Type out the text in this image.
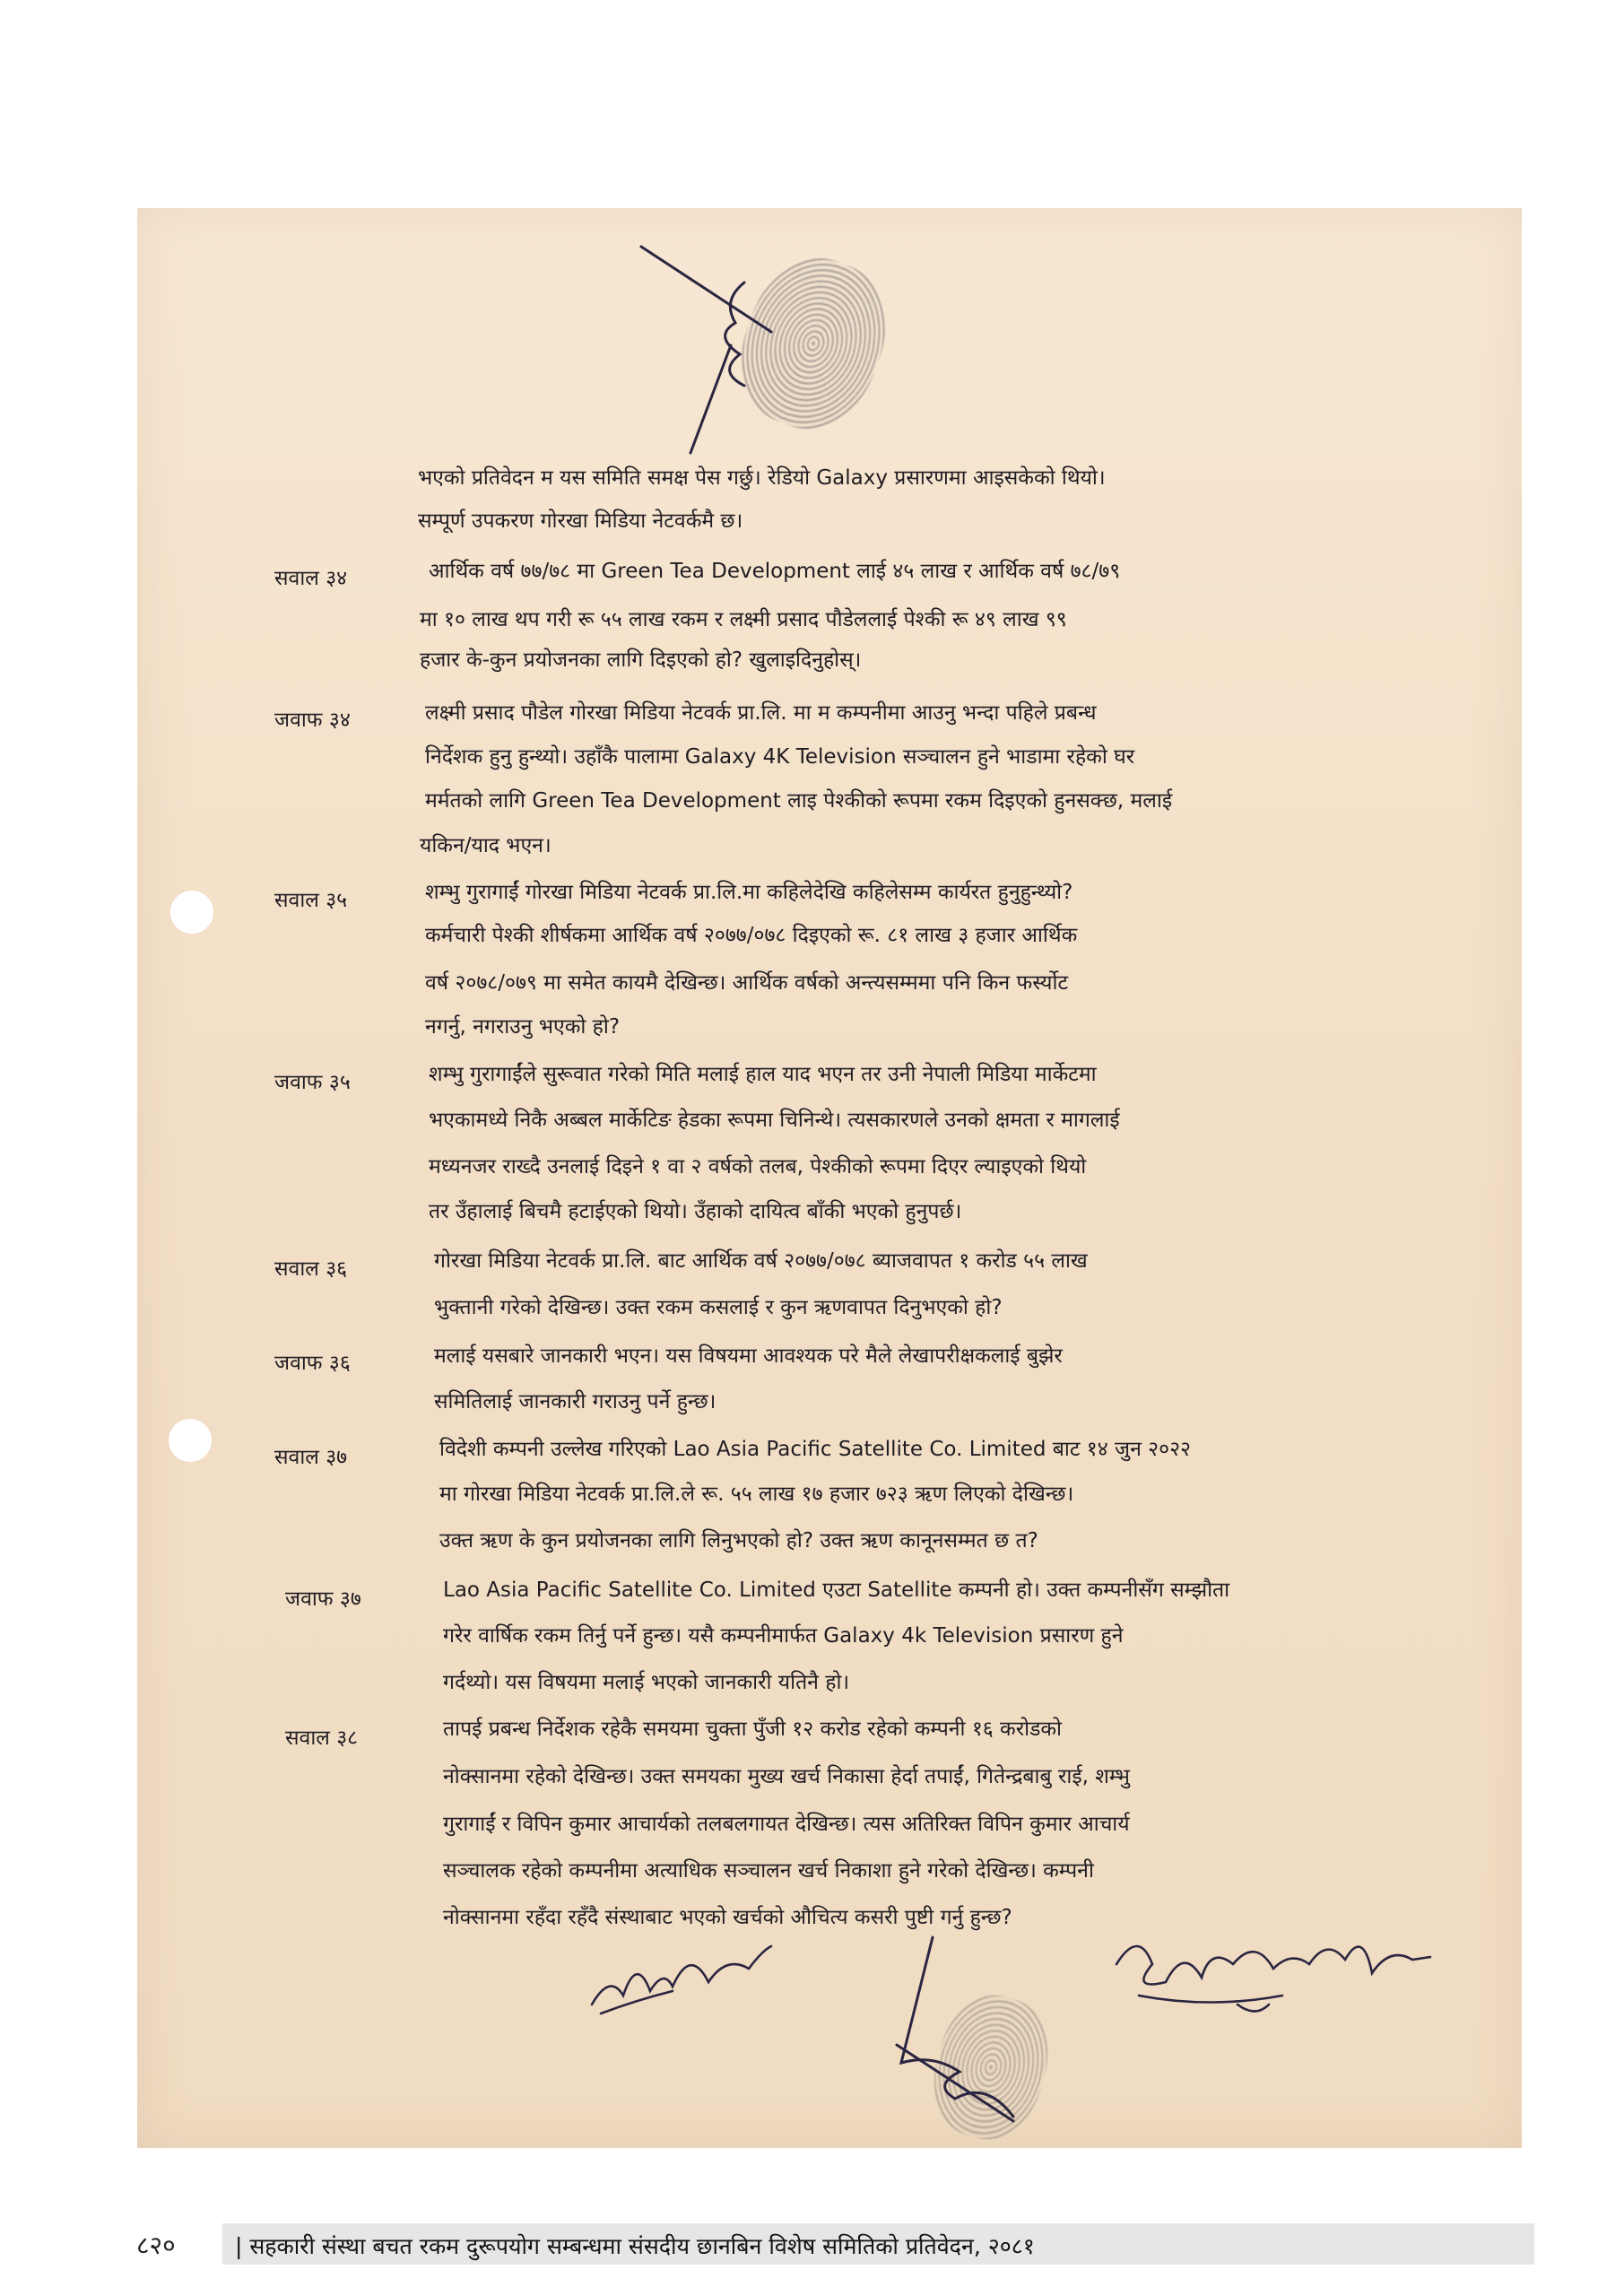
भएको प्रतिवेदन म यस समिति समक्ष पेस गर्छु। रेडियो Galaxy प्रसारणमा आइसकेको थियो।
सम्पूर्ण उपकरण गोरखा मिडिया नेटवर्कमै छ।
सवाल ३४	आर्थिक वर्ष ७७/७८ मा Green Tea Development लाई ४५ लाख र आर्थिक वर्ष ७८/७९
मा १० लाख थप गरी रू ५५ लाख रकम र लक्ष्मी प्रसाद पौडेललाई पेश्की रू ४९ लाख ९९
हजार के-कुन प्रयोजनका लागि दिइएको हो? खुलाइदिनुहोस्।
जवाफ ३४	लक्ष्मी प्रसाद पौडेल गोरखा मिडिया नेटवर्क प्रा.लि. मा म कम्पनीमा आउनु भन्दा पहिले प्रबन्ध
निर्देशक हुनु हुन्थ्यो। उहाँकै पालामा Galaxy 4K Television सञ्चालन हुने भाडामा रहेको घर
मर्मतको लागि Green Tea Development लाइ पेश्कीको रूपमा रकम दिइएको हुनसक्छ, मलाई
यकिन/याद भएन।
सवाल ३५	शम्भु गुरागाईं गोरखा मिडिया नेटवर्क प्रा.लि.मा कहिलेदेखि कहिलेसम्म कार्यरत हुनुहुन्थ्यो?
कर्मचारी पेश्की शीर्षकमा आर्थिक वर्ष २०७७/०७८ दिइएको रू. ८१ लाख ३ हजार आर्थिक
वर्ष २०७८/०७९ मा समेत कायमै देखिन्छ। आर्थिक वर्षको अन्त्यसम्ममा पनि किन फर्स्योट
नगर्नु, नगराउनु भएको हो?
जवाफ ३५	शम्भु गुरागाईंले सुरूवात गरेको मिति मलाई हाल याद भएन तर उनी नेपाली मिडिया मार्केटमा
भएकामध्ये निकै अब्बल मार्केटिङ हेडका रूपमा चिनिन्थे। त्यसकारणले उनको क्षमता र मागलाई
मध्यनजर राख्दै उनलाई दिइने १ वा २ वर्षको तलब, पेश्कीको रूपमा दिएर ल्याइएको थियो
तर उँहालाई बिचमै हटाईएको थियो। उँहाको दायित्व बाँकी भएको हुनुपर्छ।
सवाल ३६	गोरखा मिडिया नेटवर्क प्रा.लि. बाट आर्थिक वर्ष २०७७/०७८ ब्याजवापत १ करोड ५५ लाख
भुक्तानी गरेको देखिन्छ। उक्त रकम कसलाई र कुन ऋणवापत दिनुभएको हो?
जवाफ ३६	मलाई यसबारे जानकारी भएन। यस विषयमा आवश्यक परे मैले लेखापरीक्षकलाई बुझेर
समितिलाई जानकारी गराउनु पर्ने हुन्छ।
सवाल ३७	विदेशी कम्पनी उल्लेख गरिएको Lao Asia Pacific Satellite Co. Limited बाट १४ जुन २०२२
मा गोरखा मिडिया नेटवर्क प्रा.लि.ले रू. ५५ लाख १७ हजार ७२३ ऋण लिएको देखिन्छ।
उक्त ऋण के कुन प्रयोजनका लागि लिनुभएको हो? उक्त ऋण कानूनसम्मत छ त?
जवाफ ३७	Lao Asia Pacific Satellite Co. Limited एउटा Satellite कम्पनी हो। उक्त कम्पनीसँग सम्झौता
गरेर वार्षिक रकम तिर्नु पर्ने हुन्छ। यसै कम्पनीमार्फत Galaxy 4k Television प्रसारण हुने
गर्दथ्यो। यस विषयमा मलाई भएको जानकारी यतिनै हो।
सवाल ३८	तापई प्रबन्ध निर्देशक रहेकै समयमा चुक्ता पुँजी १२ करोड रहेको कम्पनी १६ करोडको
नोक्सानमा रहेको देखिन्छ। उक्त समयका मुख्य खर्च निकासा हेर्दा तपाईं, गितेन्द्रबाबु राई, शम्भु
गुरागाईं र विपिन कुमार आचार्यको तलबलगायत देखिन्छ। त्यस अतिरिक्त विपिन कुमार आचार्य
सञ्चालक रहेको कम्पनीमा अत्याधिक सञ्चालन खर्च निकाशा हुने गरेको देखिन्छ। कम्पनी
नोक्सानमा रहँदा रहँदै संस्थाबाट भएको खर्चको औचित्य कसरी पुष्टी गर्नु हुन्छ?
८२०	| सहकारी संस्था बचत रकम दुरूपयोग सम्बन्धमा संसदीय छानबिन विशेष समितिको प्रतिवेदन, २०८१
